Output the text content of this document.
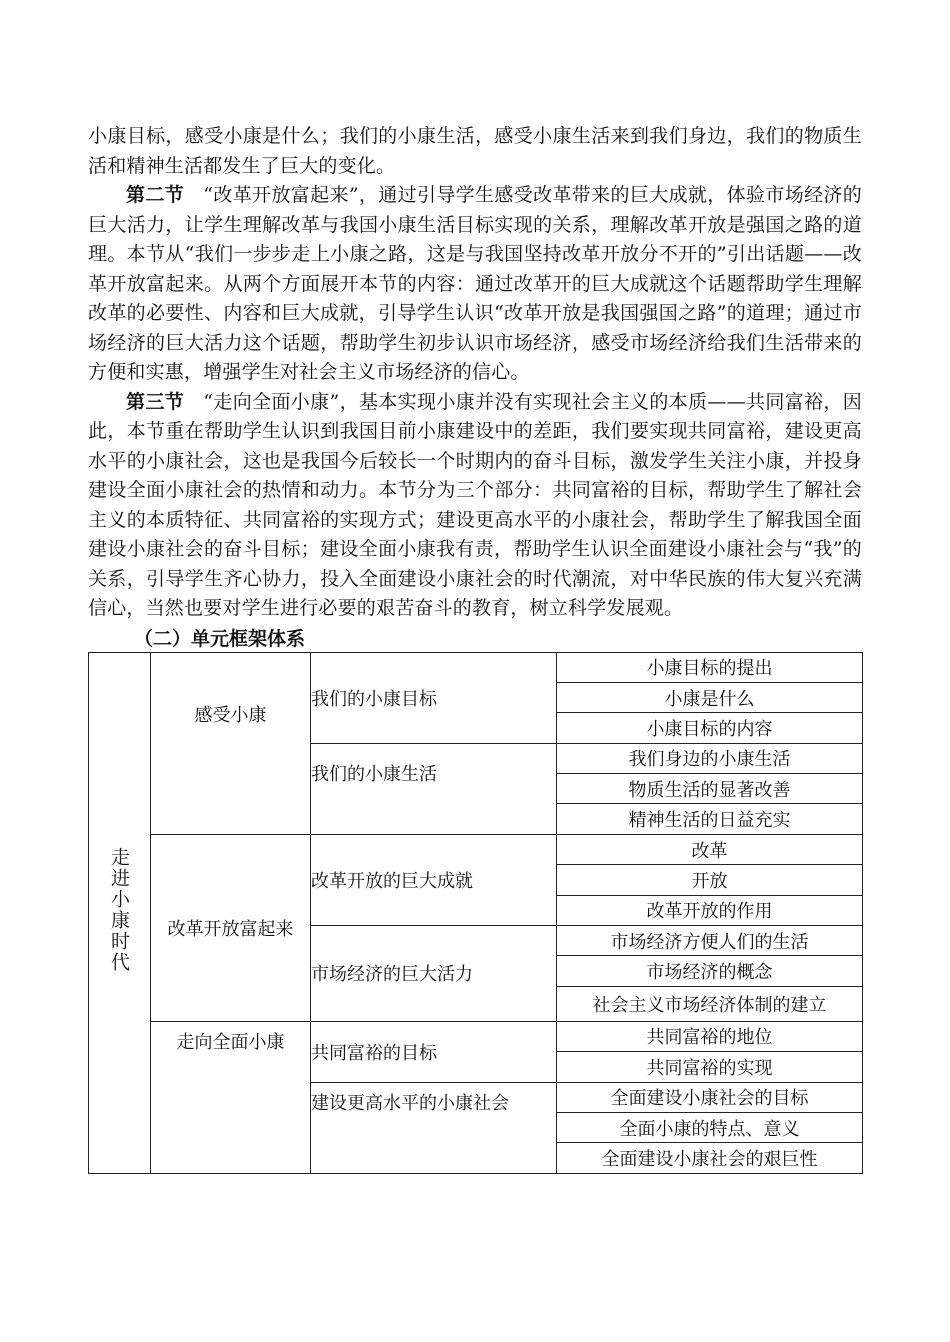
小康目标，感受小康是什么；我们的小康生活，感受小康生活来到我们身边，我们的物质生活和精神生活都发生了巨大的变化。

第二节   “改革开放富起来”，通过引导学生感受改革带来的巨大成就，体验市场经济的巨大活力，让学生理解改革与我国小康生活目标实现的关系，理解改革开放是强国之路的道理。本节从“我们一步步走上小康之路，这是与我国坚持改革开放分不开的”引出话题——改革开放富起来。从两个方面展开本节的内容：通过改革开的巨大成就这个话题帮助学生理解改革的必要性、内容和巨大成就，引导学生认识“改革开放是我国强国之路”的道理；通过市场经济的巨大活力这个话题，帮助学生初步认识市场经济，感受市场经济给我们生活带来的方便和实惠，增强学生对社会主义市场经济的信心。

第三节   “走向全面小康”，基本实现小康并没有实现社会主义的本质——共同富裕，因此，本节重在帮助学生认识到我国目前小康建设中的差距，我们要实现共同富裕，建设更高水平的小康社会，这也是我国今后较长一个时期内的奋斗目标，激发学生关注小康，并投身建设全面小康社会的热情和动力。本节分为三个部分：共同富裕的目标，帮助学生了解社会主义的本质特征、共同富裕的实现方式；建设更高水平的小康社会，帮助学生了解我国全面建设小康社会的奋斗目标；建设全面小康我有责，帮助学生认识全面建设小康社会与“我”的关系，引导学生齐心协力，投入全面建设小康社会的时代潮流，对中华民族的伟大复兴充满信心，当然也要对学生进行必要的艰苦奋斗的教育，树立科学发展观。

（二）单元框架体系

走进小康时代	感受小康	我们的小康目标	小康目标的提出
			小康是什么
			小康目标的内容
		我们的小康生活	我们身边的小康生活
			物质生活的显著改善
			精神生活的日益充实
	改革开放富起来	改革开放的巨大成就	改革
			开放
			改革开放的作用
		市场经济的巨大活力	市场经济方便人们的生活
			市场经济的概念
			社会主义市场经济体制的建立
	走向全面小康	共同富裕的目标	共同富裕的地位
			共同富裕的实现
		建设更高水平的小康社会	全面建设小康社会的目标
			全面小康的特点、意义
			全面建设小康社会的艰巨性
